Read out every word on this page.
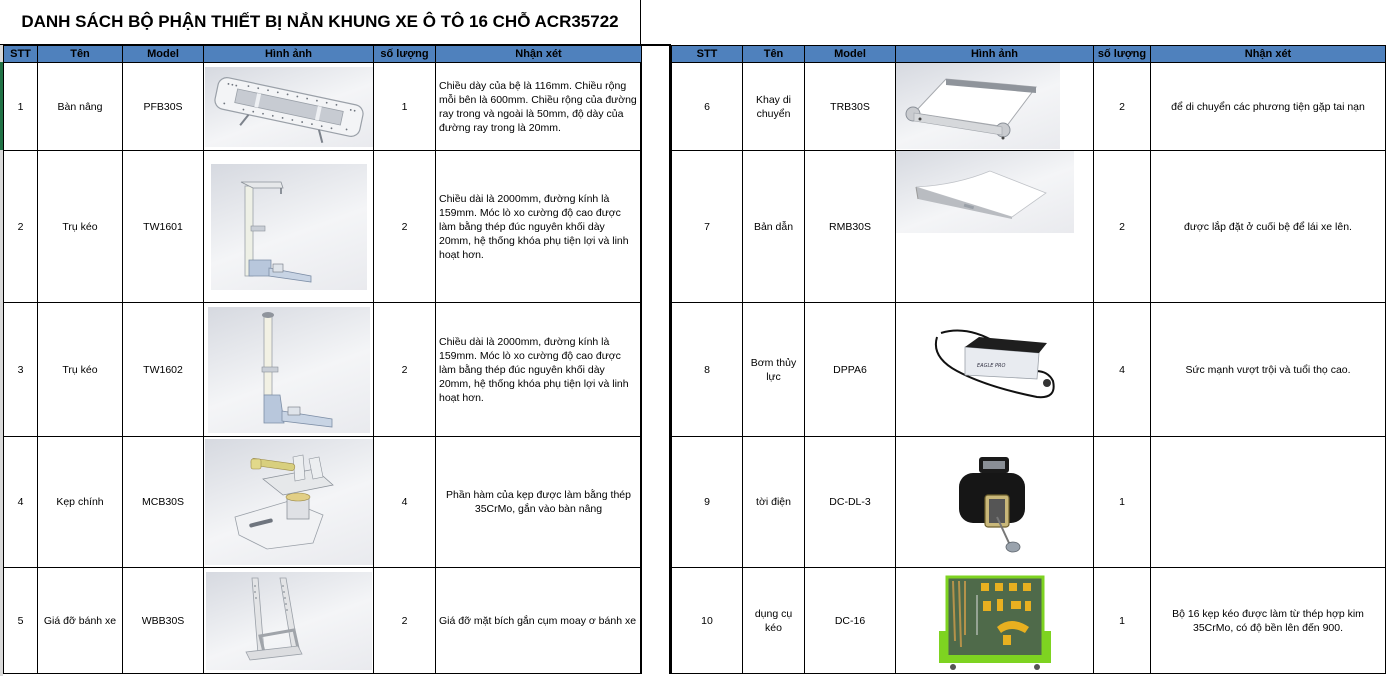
DANH SÁCH BỘ PHẬN THIẾT BỊ NẮN KHUNG XE Ô TÔ 16 CHỖ ACR35722
STT	Tên	Model	Hình ảnh	số lượng	Nhận xét
1	Bàn nâng	PFB30S		1	Chiều dày của bệ là 116mm. Chiều rộng mỗi bên là 600mm. Chiều rộng của đường ray trong và ngoài là 50mm, độ dày của đường ray trong là 20mm.
2	Trụ kéo	TW1601		2	Chiều dài là 2000mm, đường kính là 159mm. Móc lò xo cường độ cao được làm bằng thép đúc nguyên khối dày 20mm, hệ thống khóa phụ tiện lợi và linh hoạt hơn.
3	Trụ kéo	TW1602		2	Chiều dài là 2000mm, đường kính là 159mm. Móc lò xo cường độ cao được làm bằng thép đúc nguyên khối dày 20mm, hệ thống khóa phụ tiện lợi và linh hoạt hơn.
4	Kẹp chính	MCB30S		4	Phần hàm của kẹp được làm bằng thép 35CrMo, gắn vào bàn nâng
5	Giá đỡ bánh xe	WBB30S		2	Giá đỡ mặt bích gắn cụm moay ơ bánh xe
STT	Tên	Model	Hình ảnh	số lượng	Nhận xét
6	Khay di chuyển	TRB30S		2	để di chuyển các phương tiện gặp tai nạn
7	Bản dẫn	RMB30S		2	được lắp đặt ở cuối bệ để lái xe lên.
8	Bơm thủy lực	DPPA6	EAGLE PRO	4	Sức mạnh vượt trội và tuổi thọ cao.
9	tời điện	DC-DL-3		1	
10	dụng cụ kéo	DC-16		1	Bộ 16 kẹp kéo được làm từ thép hợp kim 35CrMo, có độ bền lên đến 900.
